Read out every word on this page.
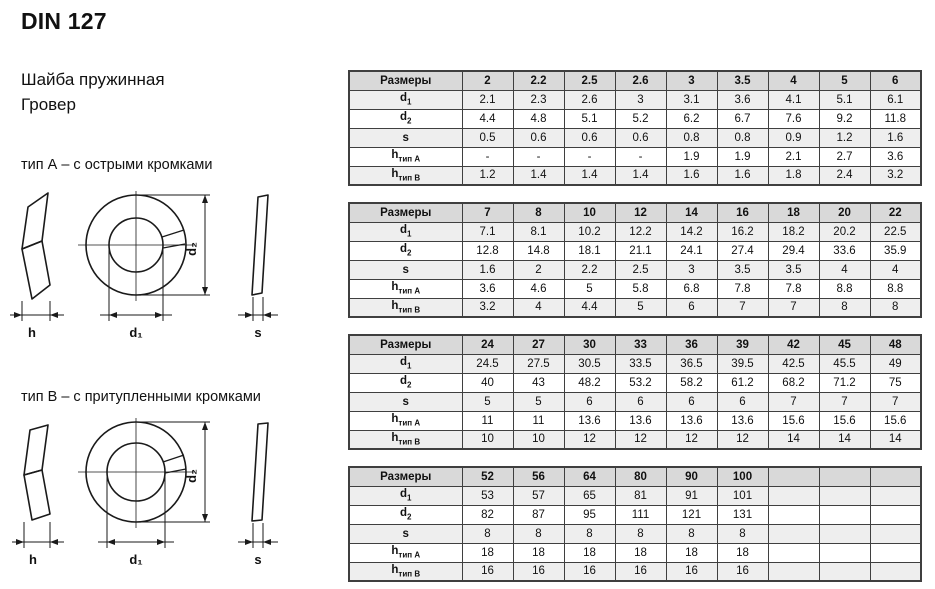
DIN 127
Шайба пружинная
Гровер
тип А – с острыми кромками
h
d₂
d₁	s
тип B – с притупленными кромками
h
d₂
d₁	s
Размеры	2	2.2	2.5	2.6	3	3.5	4	5	6
$d_1$	2.1	2.3	2.6	3	3.1	3.6	4.1	5.1	6.1
$d_2$	4.4	4.8	5.1	5.2	6.2	6.7	7.6	9.2	11.8
s	0.5	0.6	0.6	0.6	0.8	0.8	0.9	1.2	1.6
$h_{тип А}$	-	-	-	-	1.9	1.9	2.1	2.7	3.6
$h_{тип В}$	1.2	1.4	1.4	1.4	1.6	1.6	1.8	2.4	3.2
Размеры	7	8	10	12	14	16	18	20	22
$d_1$	7.1	8.1	10.2	12.2	14.2	16.2	18.2	20.2	22.5
$d_2$	12.8	14.8	18.1	21.1	24.1	27.4	29.4	33.6	35.9
s	1.6	2	2.2	2.5	3	3.5	3.5	4	4
$h_{тип А}$	3.6	4.6	5	5.8	6.8	7.8	7.8	8.8	8.8
$h_{тип В}$	3.2	4	4.4	5	6	7	7	8	8
Размеры	24	27	30	33	36	39	42	45	48
$d_1$	24.5	27.5	30.5	33.5	36.5	39.5	42.5	45.5	49
$d_2$	40	43	48.2	53.2	58.2	61.2	68.2	71.2	75
s	5	5	6	6	6	6	7	7	7
$h_{тип А}$	11	11	13.6	13.6	13.6	13.6	15.6	15.6	15.6
$h_{тип В}$	10	10	12	12	12	12	14	14	14
Размеры	52	56	64	80	90	100			
$d_1$	53	57	65	81	91	101			
$d_2$	82	87	95	111	121	131			
s	8	8	8	8	8	8			
$h_{тип А}$	18	18	18	18	18	18			
$h_{тип В}$	16	16	16	16	16	16			
